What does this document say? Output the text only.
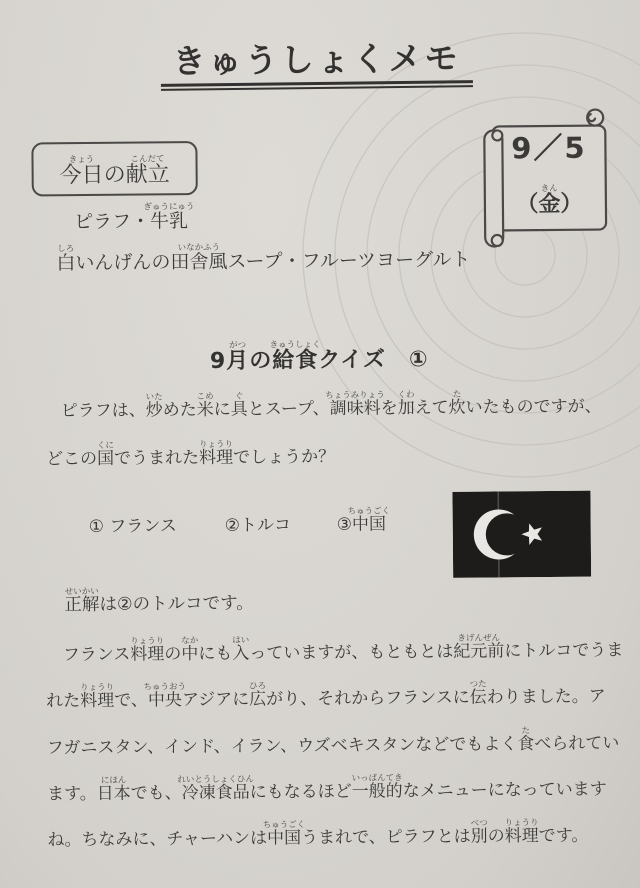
きゅうしょくメモ
きょう
今日の
こんだて
献立
9／5
（
きん
金）
ピラフ・
ぎゅうにゅう
牛乳
しろ
白いんげんの
いなかふう
田舎風スープ・フルーツヨーグルト
9
がつ
月の
きゅうしょく
給食クイズ　①
　ピラフは、
いた
炒めた
こめ
米に
ぐ
具とスープ、
ちょうみりょう
調味料を
くわ
加えて
た
炊いたものですが、
どこの
くに
国でうまれた
りょうり
料理でしょうか？
① フランス	②トルコ	③
ちゅうごく
中国
せいかい
正解は②のトルコです。
　フランス
りょうり
料理の
なか
中にも
はい
入っていますが、もともとは
きげんぜん
紀元前にトルコでうま
れた
りょうり
料理で、
ちゅうおう
中央アジアに
ひろ
広がり、それからフランスに
つた
伝わりました。ア
フガニスタン、インド、イラン、ウズベキスタンなどでもよく
た
食べられてい
ます。
にほん
日本でも、
れいとうしょくひん
冷凍食品にもなるほど
いっぱんてき
一般的なメニューになっています
ね。ちなみに、チャーハンは
ちゅうごく
中国うまれで、ピラフとは
べつ
別の
りょうり
料理です。
